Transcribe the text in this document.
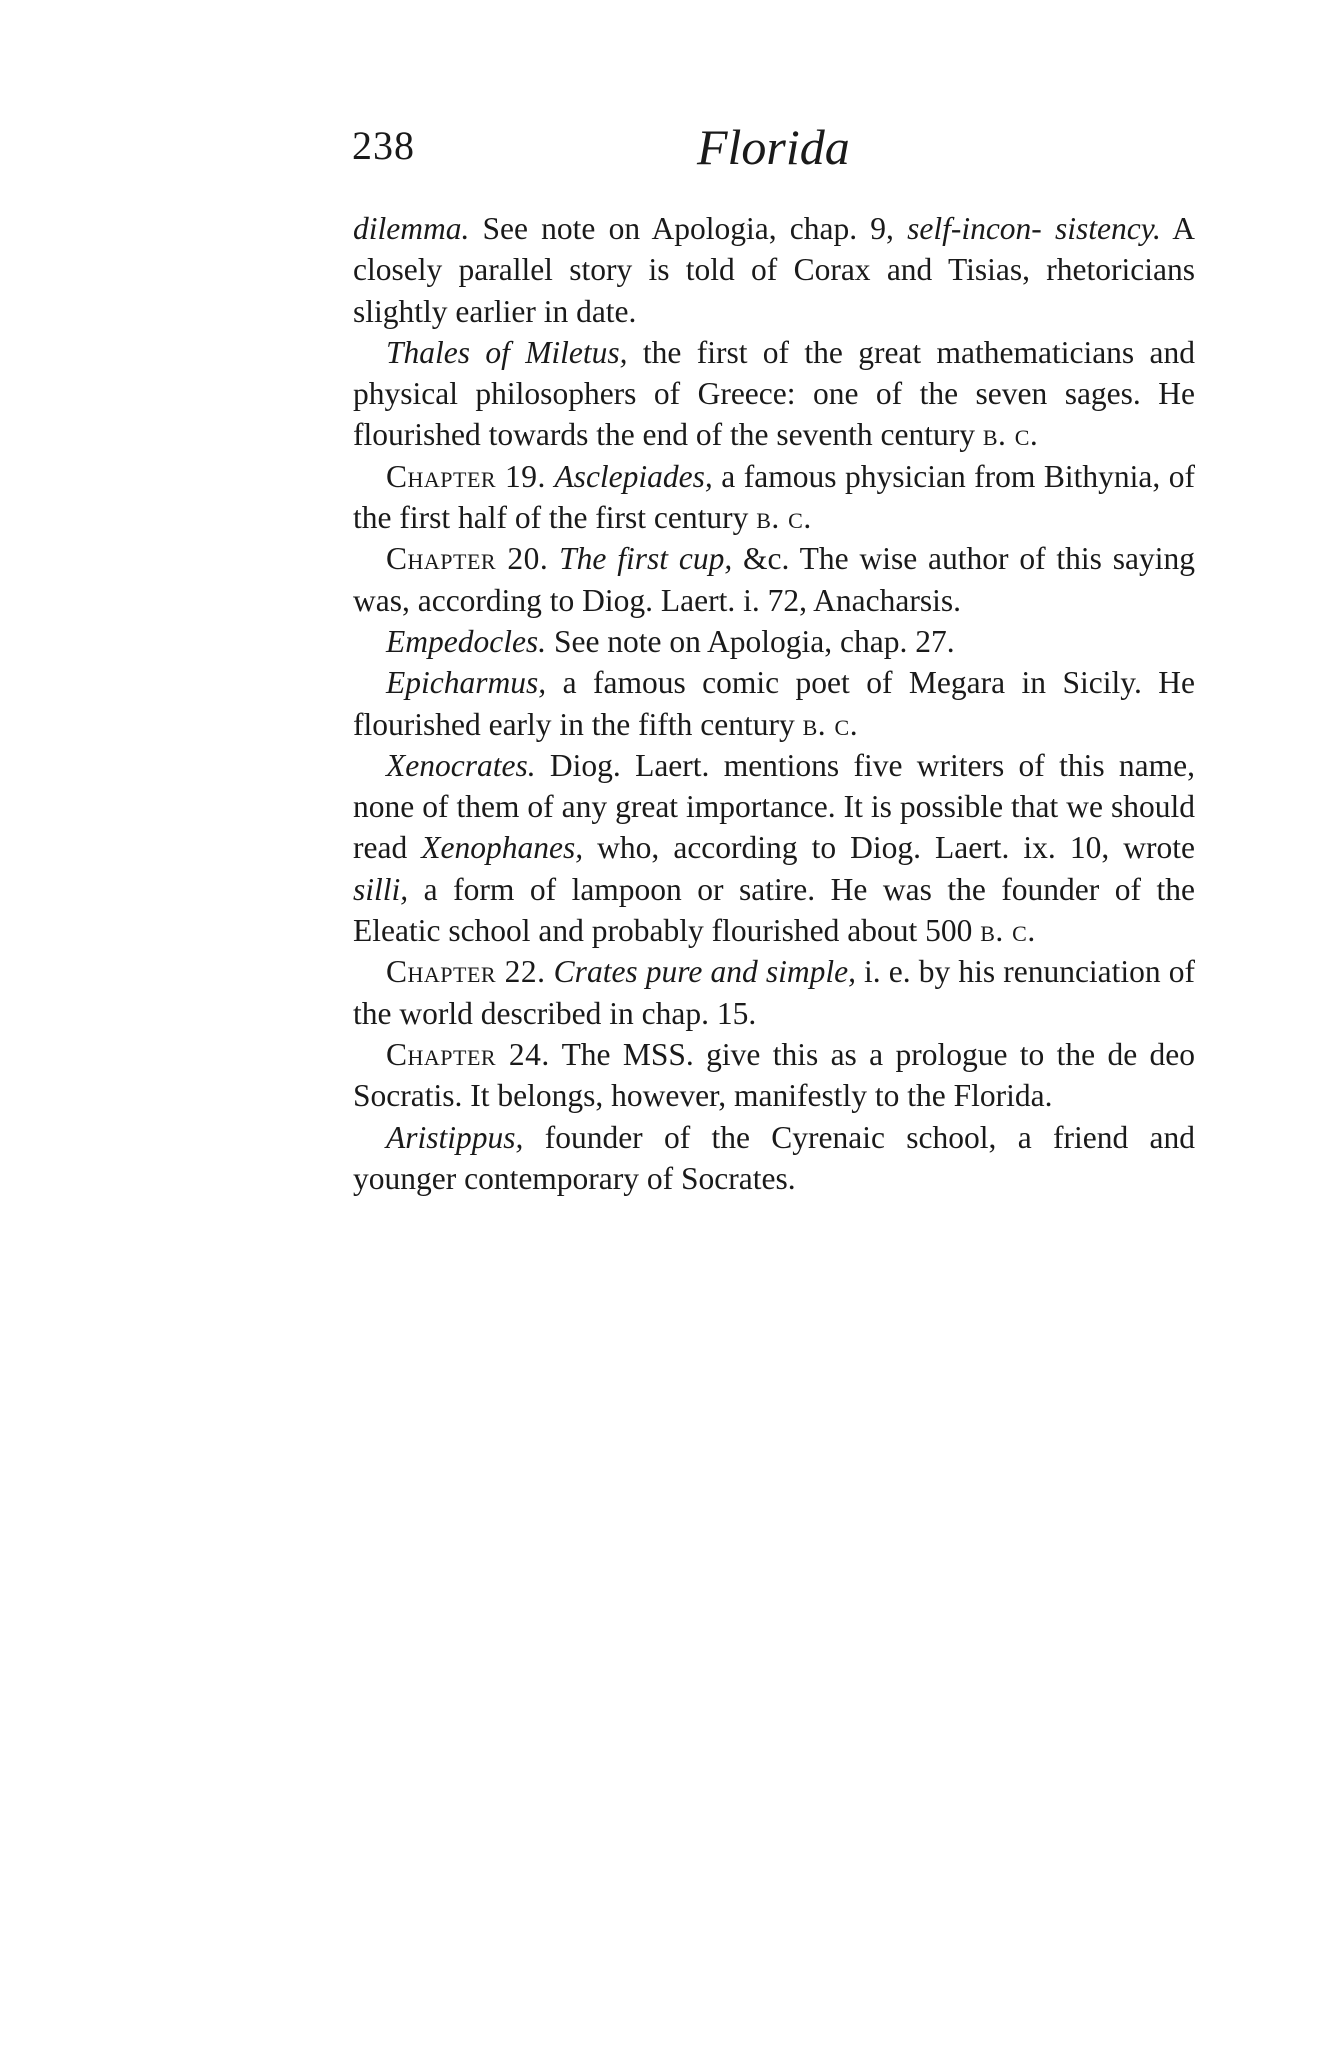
238	Florida

dilemma. See note on Apologia, chap. 9, self-incon- sistency. A closely parallel story is told of Corax and Tisias, rhetoricians slightly earlier in date.

Thales of Miletus, the first of the great mathematicians and physical philosophers of Greece: one of the seven sages. He flourished towards the end of the seventh century b. c.

Chapter 19. Asclepiades, a famous physician from Bithynia, of the first half of the first century b. c.

Chapter 20. The first cup, &c. The wise author of this saying was, according to Diog. Laert. i. 72, Anacharsis.

Empedocles. See note on Apologia, chap. 27.

Epicharmus, a famous comic poet of Megara in Sicily. He flourished early in the fifth century b. c.

Xenocrates. Diog. Laert. mentions five writers of this name, none of them of any great importance. It is possible that we should read Xenophanes, who, according to Diog. Laert. ix. 10, wrote silli, a form of lampoon or satire. He was the founder of the Eleatic school and probably flourished about 500 b. c.

Chapter 22. Crates pure and simple, i. e. by his renunciation of the world described in chap. 15.

Chapter 24. The MSS. give this as a prologue to the de deo Socratis. It belongs, however, manifestly to the Florida.

Aristippus, founder of the Cyrenaic school, a friend and younger contemporary of Socrates.
